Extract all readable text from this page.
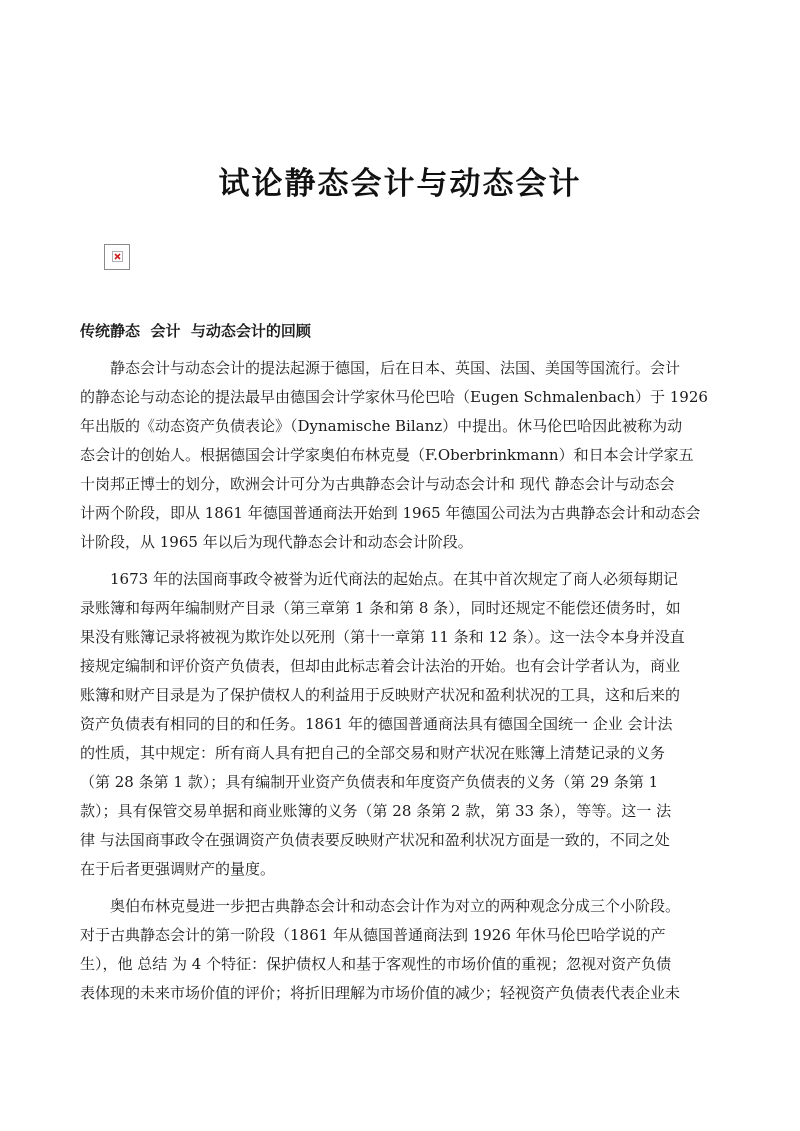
试论静态会计与动态会计
传统静态  会计  与动态会计的回顾
静态会计与动态会计的提法起源于德国，后在日本、英国、法国、美国等国流行。会计
的静态论与动态论的提法最早由德国会计学家休马伦巴哈（Eugen Schmalenbach）于 1926
年出版的《动态资产负债表论》（Dynamische Bilanz）中提出。休马伦巴哈因此被称为动
态会计的创始人。根据德国会计学家奥伯布林克曼（F.Oberbrinkmann）和日本会计学家五
十岗邦正博士的划分，欧洲会计可分为古典静态会计与动态会计和 现代 静态会计与动态会
计两个阶段，即从 1861 年德国普通商法开始到 1965 年德国公司法为古典静态会计和动态会
计阶段，从 1965 年以后为现代静态会计和动态会计阶段。
1673 年的法国商事政令被誉为近代商法的起始点。在其中首次规定了商人必须每期记
录账簿和每两年编制财产目录（第三章第 1 条和第 8 条），同时还规定不能偿还债务时，如
果没有账簿记录将被视为欺诈处以死刑（第十一章第 11 条和 12 条）。这一法令本身并没直
接规定编制和评价资产负债表，但却由此标志着会计法治的开始。也有会计学者认为，商业
账簿和财产目录是为了保护债权人的利益用于反映财产状况和盈利状况的工具，这和后来的
资产负债表有相同的目的和任务。1861 年的德国普通商法具有德国全国统一 企业 会计法
的性质，其中规定：所有商人具有把自己的全部交易和财产状况在账簿上清楚记录的义务
（第 28 条第 1 款）；具有编制开业资产负债表和年度资产负债表的义务（第 29 条第 1
款）；具有保管交易单据和商业账簿的义务（第 28 条第 2 款，第 33 条），等等。这一 法
律 与法国商事政令在强调资产负债表要反映财产状况和盈利状况方面是一致的，不同之处
在于后者更强调财产的量度。
奥伯布林克曼进一步把古典静态会计和动态会计作为对立的两种观念分成三个小阶段。
对于古典静态会计的第一阶段（1861 年从德国普通商法到 1926 年休马伦巴哈学说的产
生），他 总结 为 4 个特征：保护债权人和基于客观性的市场价值的重视；忽视对资产负债
表体现的未来市场价值的评价；将折旧理解为市场价值的减少；轻视资产负债表代表企业未
